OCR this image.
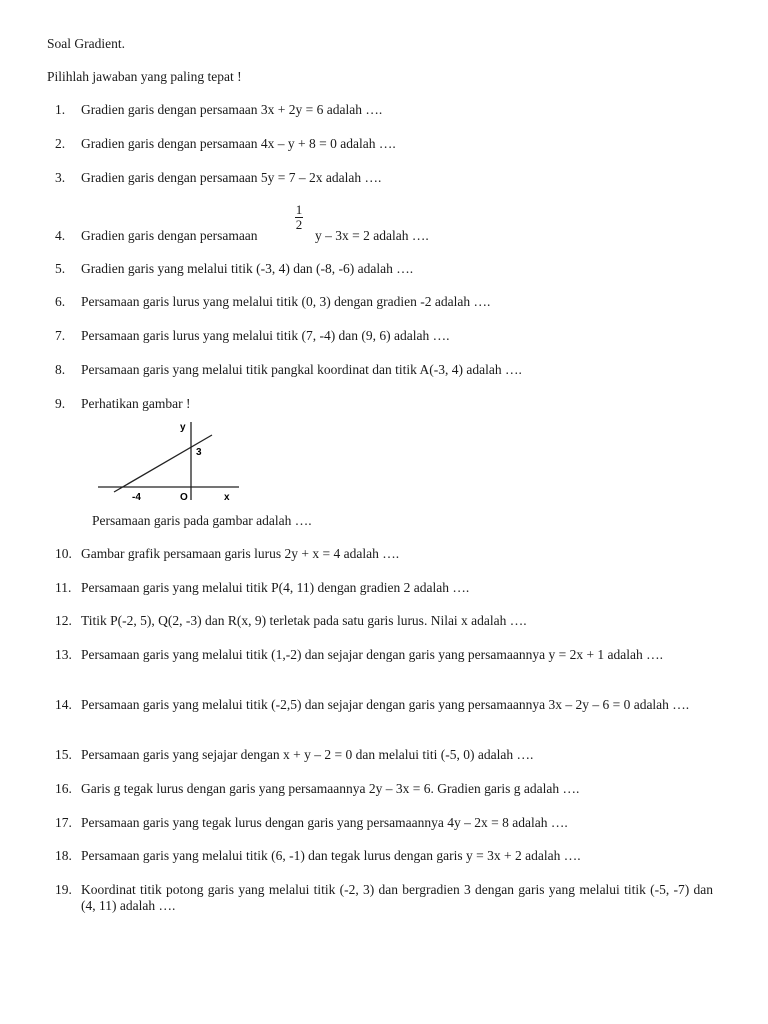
Soal Gradient.
Pilihlah jawaban yang paling tepat !
1.	Gradien garis dengan persamaan 3x + 2y = 6 adalah ….
2.	Gradien garis dengan persamaan 4x – y + 8 = 0 adalah ….
3.	Gradien garis dengan persamaan 5y = 7 – 2x adalah ….
4.	Gradien garis dengan persamaan
1
2
y – 3x = 2 adalah ….
5.	Gradien garis yang melalui titik (-3, 4) dan (-8, -6) adalah ….
6.	Persamaan garis lurus yang melalui titik (0, 3) dengan gradien -2 adalah ….
7.	Persamaan garis lurus yang melalui titik (7, -4) dan (9, 6) adalah ….
8.	Persamaan garis yang melalui titik pangkal koordinat dan titik A(-3, 4) adalah ….
9.	Perhatikan gambar !
y
x
O
3
-4
Persamaan garis pada gambar adalah ….
10. Gambar grafik persamaan garis lurus 2y + x = 4 adalah ….
11. Persamaan garis yang melalui titik P(4, 11) dengan gradien 2 adalah ….
12. Titik P(-2, 5), Q(2, -3) dan R(x, 9) terletak pada satu garis lurus. Nilai x adalah ….
13. Persamaan garis yang melalui titik (1,-2) dan sejajar dengan garis yang persamaannya y = 2x + 1 adalah ….
14. Persamaan garis yang melalui titik (-2,5) dan sejajar dengan garis yang persamaannya 3x – 2y – 6 = 0 adalah ….
15. Persamaan garis yang sejajar dengan x + y – 2 = 0 dan melalui titi (-5, 0) adalah ….
16. Garis g tegak lurus dengan garis yang persamaannya 2y – 3x = 6. Gradien garis g adalah ….
17. Persamaan garis yang tegak lurus dengan garis yang persamaannya 4y – 2x = 8 adalah ….
18. Persamaan garis yang melalui titik (6, -1) dan tegak lurus dengan garis y = 3x + 2 adalah ….
19. Koordinat titik potong garis yang melalui titik (-2, 3) dan bergradien 3 dengan garis yang melalui titik (-5, -7) dan (4, 11) adalah ….
